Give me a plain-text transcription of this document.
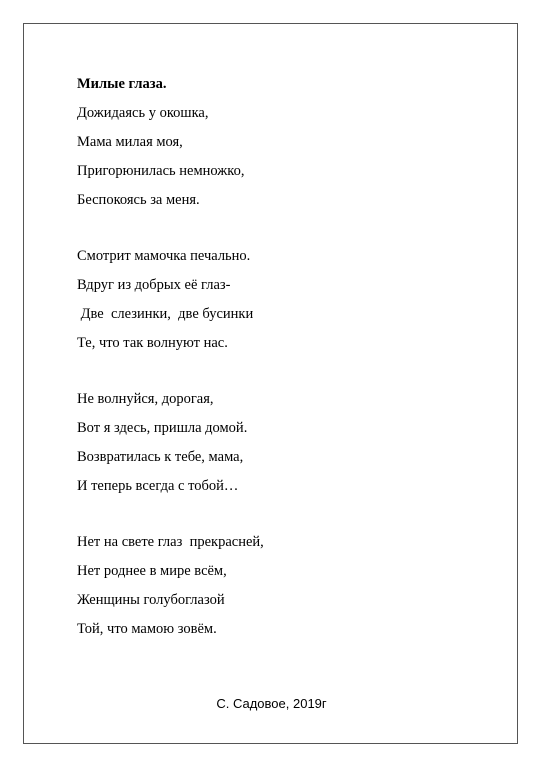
Милые глаза.
Дожидаясь у окошка,
Мама милая моя,
Пригорюнилась немножко,
Беспокоясь за меня.
Смотрит мамочка печально.
Вдруг из добрых её глаз-
Две  слезинки,  две бусинки
Те, что так волнуют нас.
Не волнуйся, дорогая,
Вот я здесь, пришла домой.
Возвратилась к тебе, мама,
И теперь всегда с тобой…
Нет на свете глаз  прекрасней,
Нет роднее в мире всём,
Женщины голубоглазой
Той, что мамою зовём.
С. Садовое, 2019г
